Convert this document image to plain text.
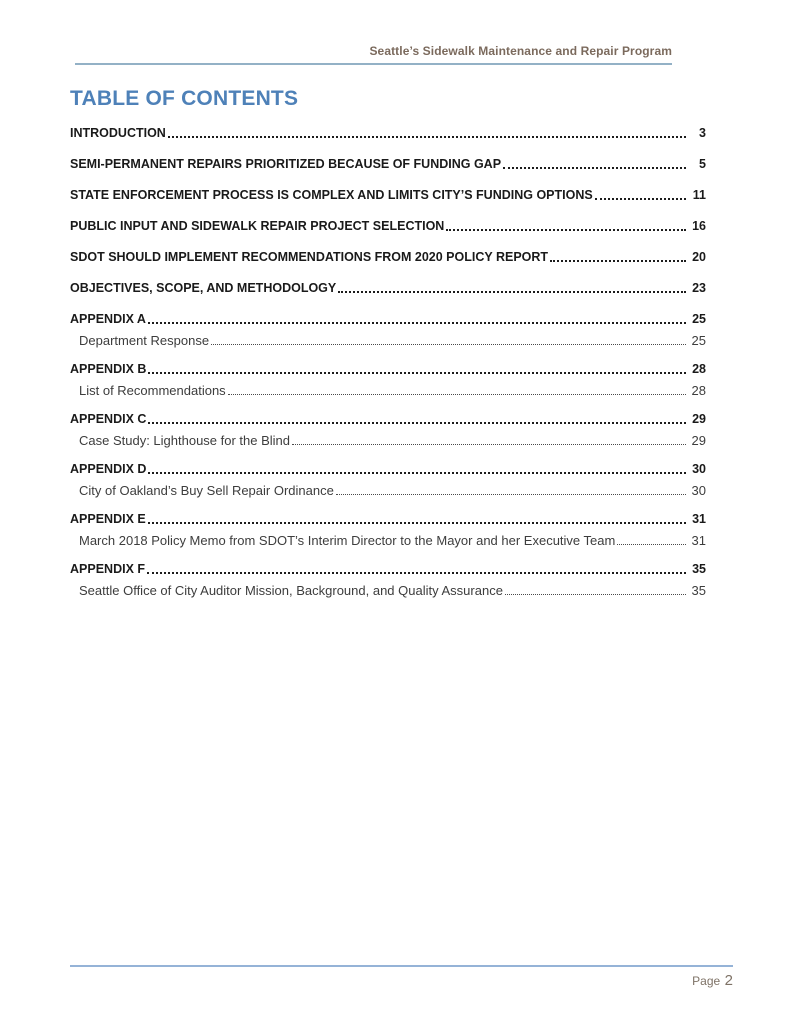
Seattle’s Sidewalk Maintenance and Repair Program
TABLE OF CONTENTS
INTRODUCTION	3
SEMI-PERMANENT REPAIRS PRIORITIZED BECAUSE OF FUNDING GAP	5
STATE ENFORCEMENT PROCESS IS COMPLEX AND LIMITS CITY’S FUNDING OPTIONS	11
PUBLIC INPUT AND SIDEWALK REPAIR PROJECT SELECTION	16
SDOT SHOULD IMPLEMENT RECOMMENDATIONS FROM 2020 POLICY REPORT	20
OBJECTIVES, SCOPE, AND METHODOLOGY	23
APPENDIX A	25
Department Response	25
APPENDIX B	28
List of Recommendations	28
APPENDIX C	29
Case Study: Lighthouse for the Blind	29
APPENDIX D	30
City of Oakland’s Buy Sell Repair Ordinance	30
APPENDIX E	31
March 2018 Policy Memo from SDOT’s Interim Director to the Mayor and her Executive Team	31
APPENDIX F	35
Seattle Office of City Auditor Mission, Background, and Quality Assurance	35
Page 2
